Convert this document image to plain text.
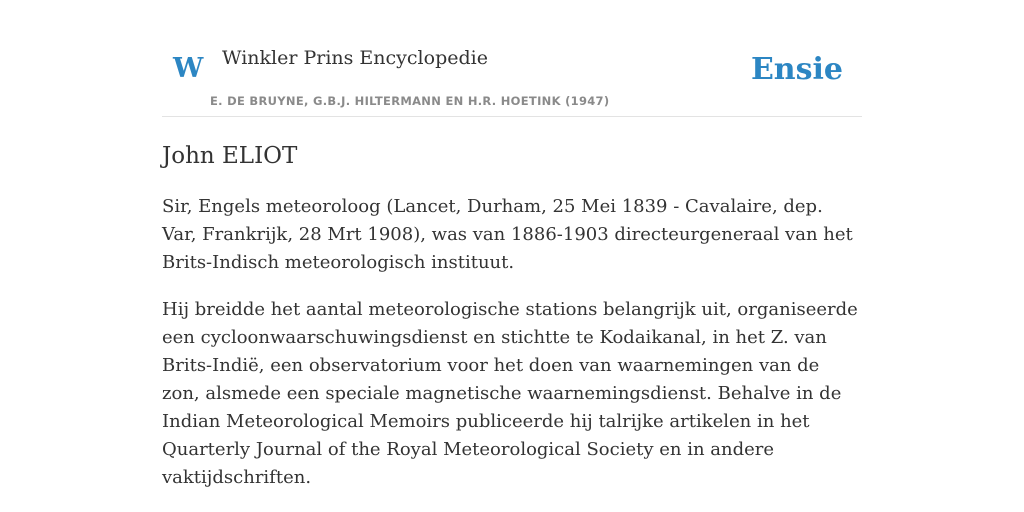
W Winkler Prins Encyclopedie
E. DE BRUYNE, G.B.J. HILTERMANN EN H.R. HOETINK (1947)
Ensie
John ELIOT

Sir, Engels meteoroloog (Lancet, Durham, 25 Mei 1839 - Cavalaire, dep. Var, Frankrijk, 28 Mrt 1908), was van 1886-1903 directeurgeneraal van het Brits-Indisch meteorologisch instituut.

Hij breidde het aantal meteorologische stations belangrijk uit, organiseerde een cycloonwaarschuwingsdienst en stichtte te Kodaikanal, in het Z. van Brits-Indië, een observatorium voor het doen van waarnemingen van de zon, alsmede een speciale magnetische waarnemingsdienst. Behalve in de Indian Meteorological Memoirs publiceerde hij talrijke artikelen in het Quarterly Journal of the Royal Meteorological Society en in andere vaktijdschriften.
